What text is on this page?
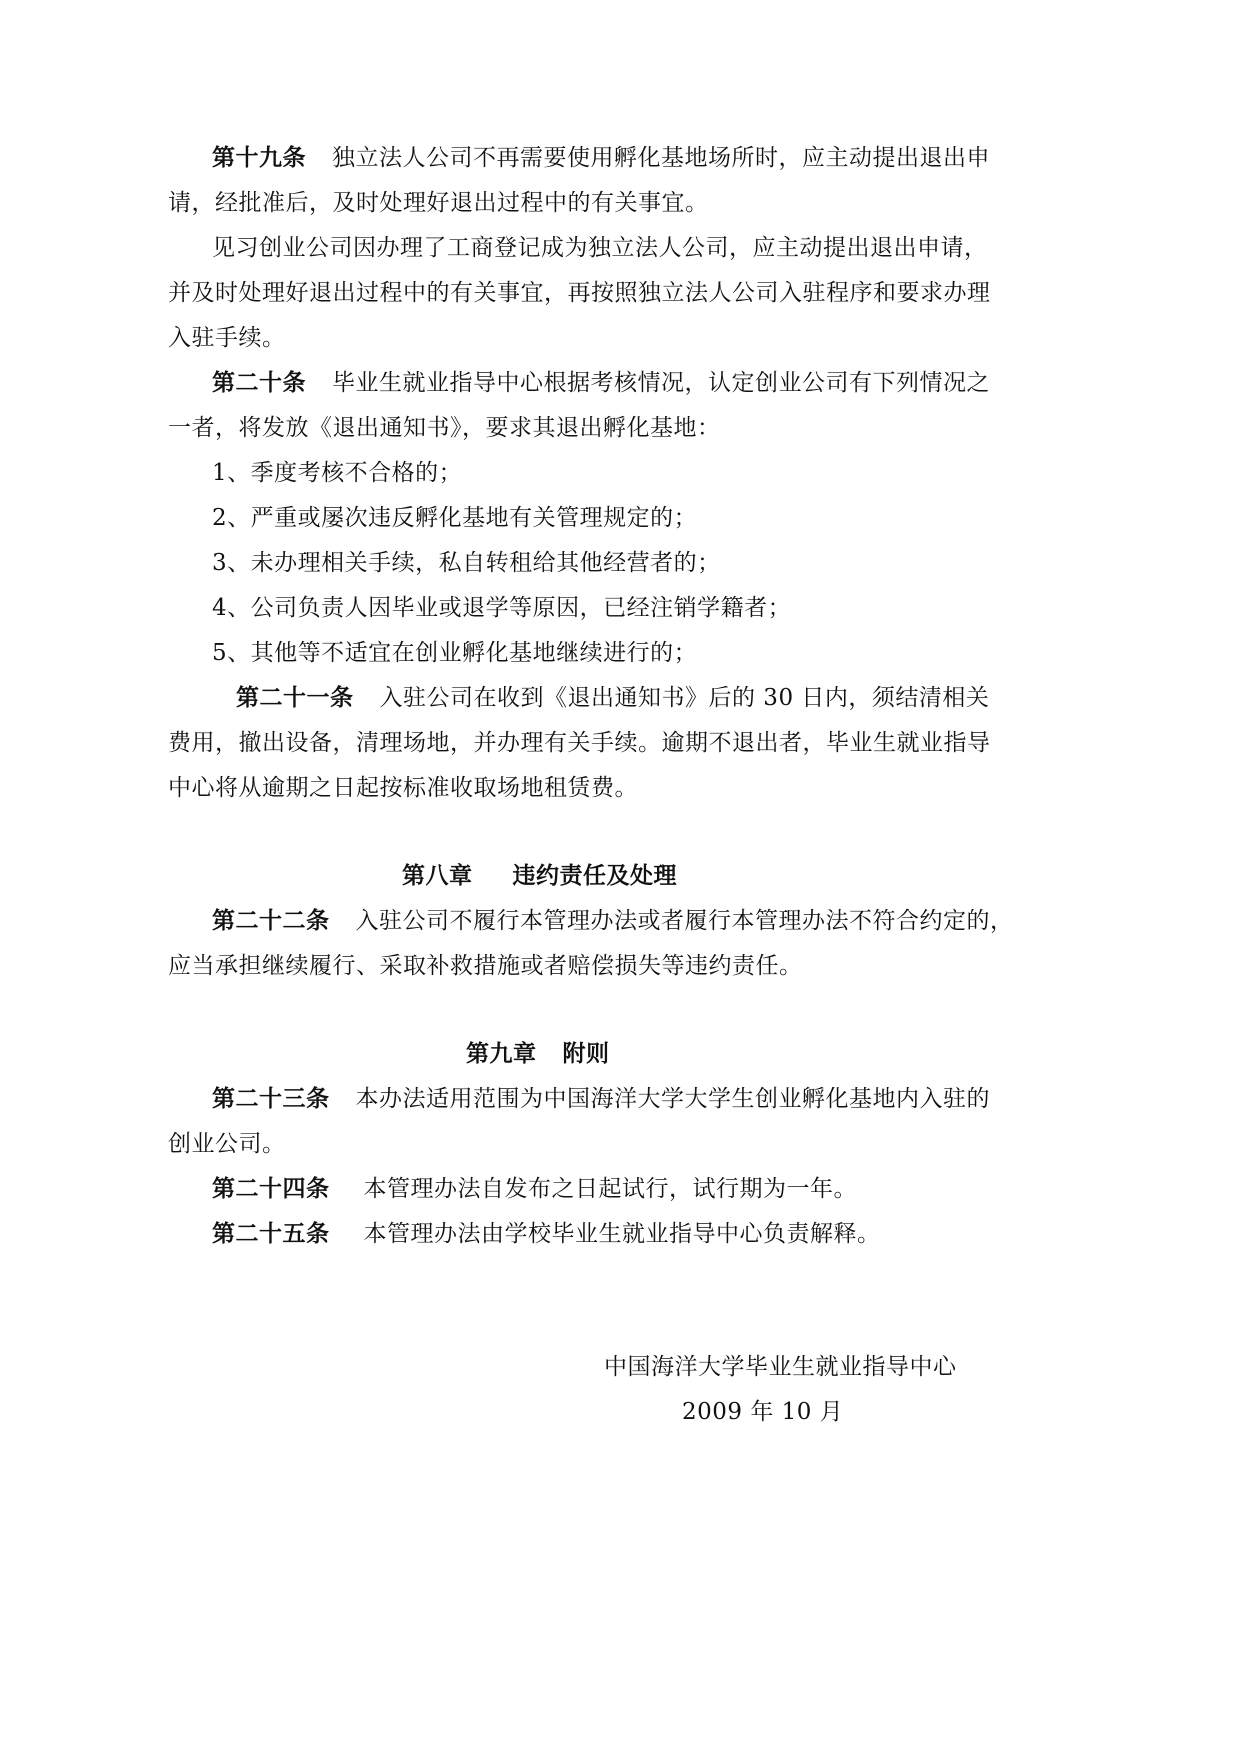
第十九条 独立法人公司不再需要使用孵化基地场所时，应主动提出退出申
请，经批准后，及时处理好退出过程中的有关事宜。
见习创业公司因办理了工商登记成为独立法人公司，应主动提出退出申请，
并及时处理好退出过程中的有关事宜，再按照独立法人公司入驻程序和要求办理
入驻手续。
第二十条 毕业生就业指导中心根据考核情况，认定创业公司有下列情况之
一者，将发放《退出通知书》，要求其退出孵化基地：
1、季度考核不合格的；
2、严重或屡次违反孵化基地有关管理规定的；
3、未办理相关手续，私自转租给其他经营者的；
4、公司负责人因毕业或退学等原因，已经注销学籍者；
5、其他等不适宜在创业孵化基地继续进行的；
第二十一条 入驻公司在收到《退出通知书》后的 30 日内，须结清相关
费用，撤出设备，清理场地，并办理有关手续。逾期不退出者，毕业生就业指导
中心将从逾期之日起按标准收取场地租赁费。
第八章 违约责任及处理
第二十二条 入驻公司不履行本管理办法或者履行本管理办法不符合约定的，
应当承担继续履行、采取补救措施或者赔偿损失等违约责任。
第九章 附则
第二十三条 本办法适用范围为中国海洋大学大学生创业孵化基地内入驻的
创业公司。
第二十四条 本管理办法自发布之日起试行，试行期为一年。
第二十五条 本管理办法由学校毕业生就业指导中心负责解释。
中国海洋大学毕业生就业指导中心
2009 年 10 月
